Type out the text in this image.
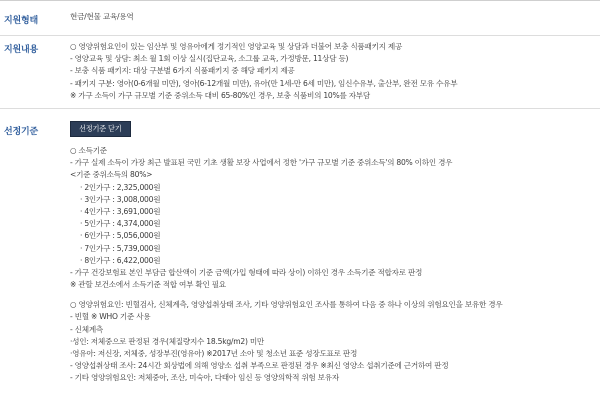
지원형태	현금/현물 교육/용역
지원내용	○ 영양위험요인이 있는 임산부 및 영유아에게 정기적인 영양교육 및 상담과 더불어 보충 식품패키지 제공
- 영양교육 및 상담: 최소 월 1회 이상 실시(집단교육, 소그룹 교육, 가정방문, 11상담 등)
- 보충 식품 패키지: 대상 구분별 6가지 식품패키지 중 해당 패키지 제공
- 패키지 구분: 영아(0-6개월 미만), 영아(6-12개월 미만), 유아(만 1세-만 6세 미만), 임신수유부, 출산부, 완전 모유 수유부
※ 가구 소득이 가구 규모별 기준 중위소득 대비 65-80%인 경우, 보충 식품비의 10%를 자부담
선정기준	선정기준 닫기
○ 소득기준
- 가구 실제 소득이 가장 최근 발표된 국민 기초 생활 보장 사업에서 정한 '가구 규모별 기준 중위소득'의 80% 이하인 경우
<기준 중위소득의 80%>
· 2인가구 : 2,325,000원
· 3인가구 : 3,008,000원
· 4인가구 : 3,691,000원
· 5인가구 : 4,374,000원
· 6인가구 : 5,056,000원
· 7인가구 : 5,739,000원
· 8인가구 : 6,422,000원
- 가구 건강보험료 본인 부담금 합산액이 기준 금액(가입 형태에 따라 상이) 이하인 경우 소득기준 적합자로 판정
※ 관할 보건소에서 소득기준 적합 여부 확인 필요
○ 영양위험요인: 빈혈검사, 신체계측, 영양섭취상태 조사, 기타 영양위험요인 조사를 통하여 다음 중 하나 이상의 위험요인을 보유한 경우
- 빈혈 ※ WHO 기준 사용
- 신체계측
·성인: 저체중으로 판정된 경우(체질량지수 18.5kg/m2) 미만
·영유아: 저신장, 저체중, 성장부진(영유아) ※2017년 소아 및 청소년 표준 성장도표로 판정
- 영양섭취상태 조사: 24시간 회상법에 의해 영양소 섭취 부족으로 판정된 경우 ※최신 영양소 섭취기준에 근거하여 판정
- 기타 영양위험요인: 저체중아, 조산, 미숙아, 다태아 임신 등 영양의학적 위험 보유자
